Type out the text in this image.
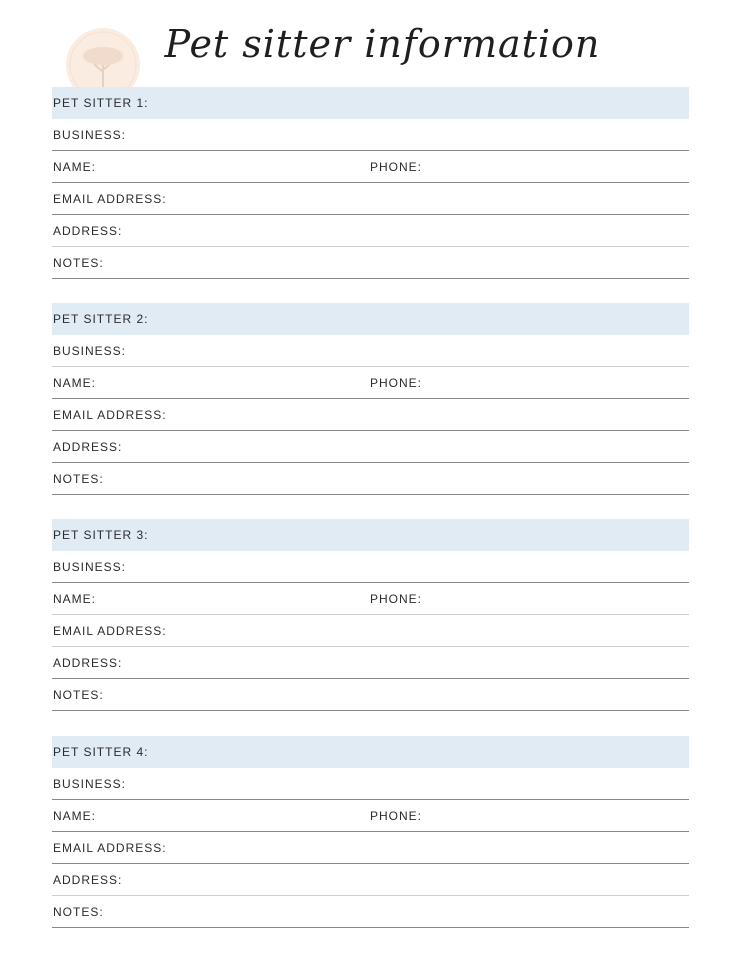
Pet sitter information
PET SITTER 1:
BUSINESS:
NAME:	PHONE:
EMAIL ADDRESS:
ADDRESS:
NOTES:
PET SITTER 2:
BUSINESS:
NAME:	PHONE:
EMAIL ADDRESS:
ADDRESS:
NOTES:
PET SITTER 3:
BUSINESS:
NAME:	PHONE:
EMAIL ADDRESS:
ADDRESS:
NOTES:
PET SITTER 4:
BUSINESS:
NAME:	PHONE:
EMAIL ADDRESS:
ADDRESS:
NOTES:
